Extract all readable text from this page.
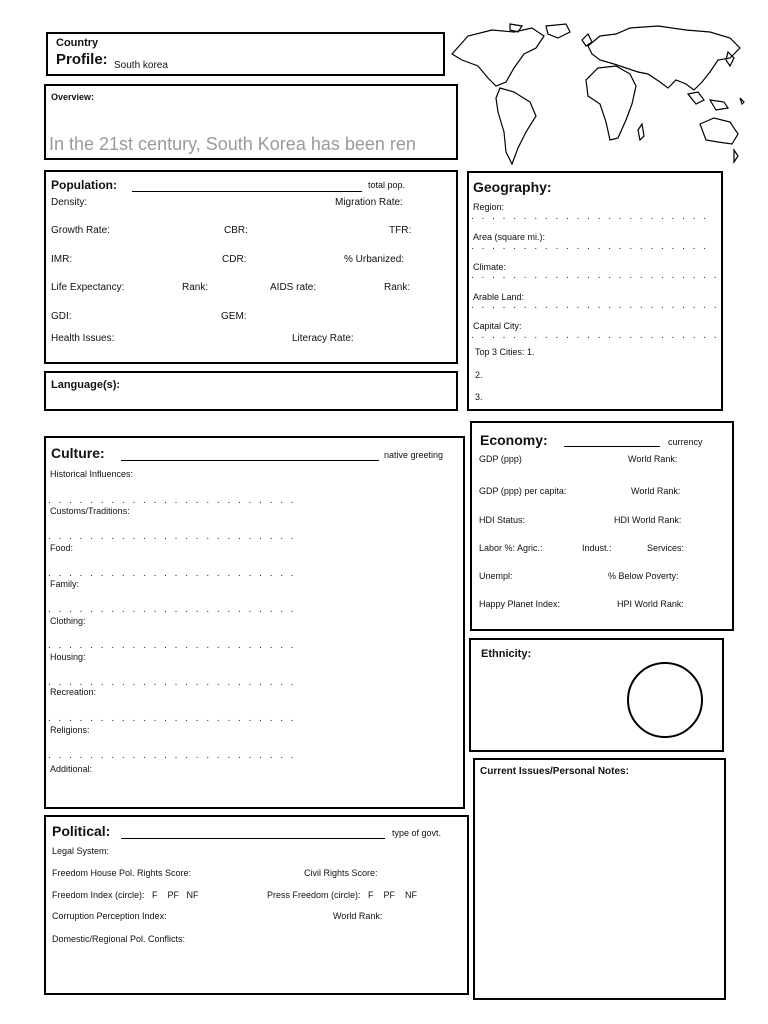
Country
Profile: South korea
Overview:
In the 21st century, South Korea has been ren
Population:	total pop.
Density:	Migration Rate:
Growth Rate:	CBR:	TFR:
IMR:	CDR:	% Urbanized:
Life Expectancy:	Rank:	AIDS rate:	Rank:
GDI:	GEM:
Health Issues:	Literacy Rate:
Language(s):
Geography:
Region:
. . . . . . . . . . . . . . . . . . . . . . .
Area (square mi.):
. . . . . . . . . . . . . . . . . . . . . . .
Climate:
. . . . . . . . . . . . . . . . . . . . . . . .
Arable Land:
. . . . . . . . . . . . . . . . . . . . . . . .
Capital City:
. . . . . . . . . . . . . . . . . . . . . . . .
Top 3 Cities: 1.
2.
3.
Culture:	native greeting
Historical Influences:
. . . . . . . . . . . . . . . . . . . . . . . .
Customs/Traditions:
. . . . . . . . . . . . . . . . . . . . . . . .
Food:
. . . . . . . . . . . . . . . . . . . . . . . .
Family:
. . . . . . . . . . . . . . . . . . . . . . . .
Clothing:
. . . . . . . . . . . . . . . . . . . . . . . .
Housing:
. . . . . . . . . . . . . . . . . . . . . . . .
Recreation:
. . . . . . . . . . . . . . . . . . . . . . . .
Religions:
. . . . . . . . . . . . . . . . . . . . . . . .
Additional:
Economy:	currency
GDP (ppp)	World Rank:
GDP (ppp) per capita:	World Rank:
HDI Status:	HDI World Rank:
Labor %: Agric.:	Indust.:	Services:
Unempl:	% Below Poverty:
Happy Planet Index:	HPI World Rank:
Ethnicity:
Current Issues/Personal Notes:
Political:	type of govt.
Legal System:
Freedom House Pol. Rights Score:	Civil Rights Score:
Freedom Index (circle):   F    PF   NF	Press Freedom (circle):   F    PF    NF
Corruption Perception Index:	World Rank:
Domestic/Regional Pol. Conflicts:
